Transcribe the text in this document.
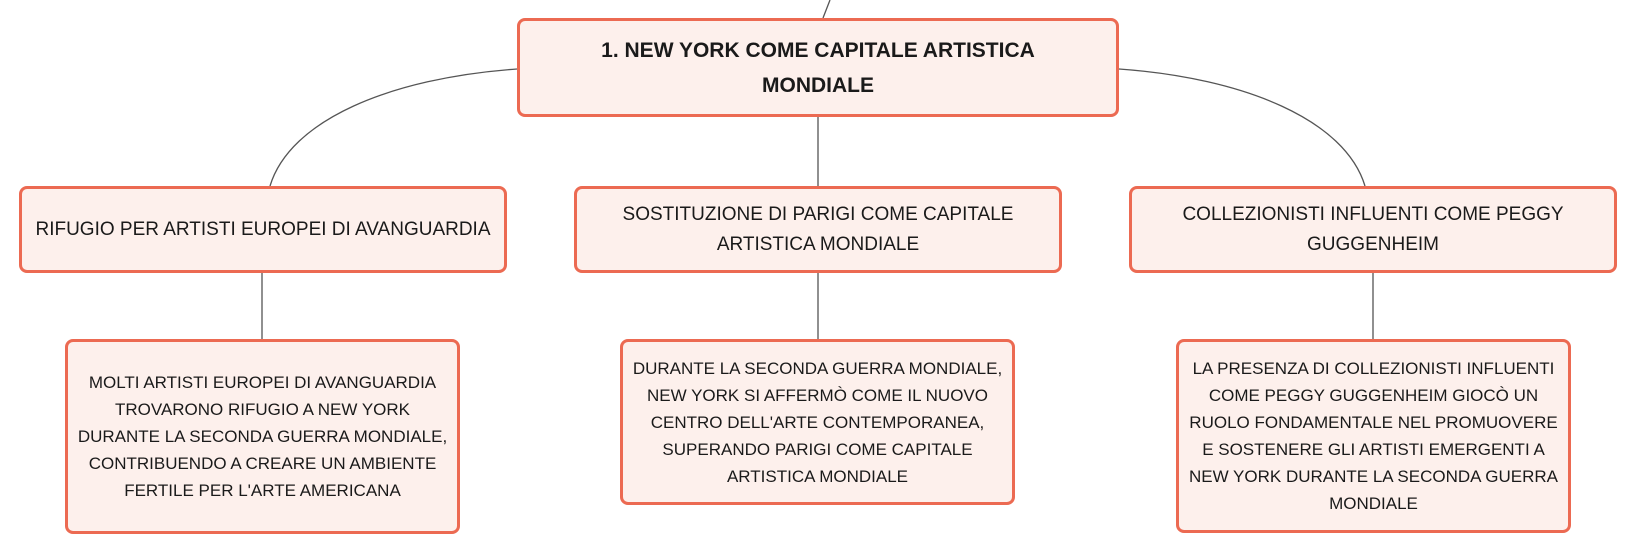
1. NEW YORK COME CAPITALE ARTISTICA MONDIALE
RIFUGIO PER ARTISTI EUROPEI DI AVANGUARDIA
SOSTITUZIONE DI PARIGI COME CAPITALE ARTISTICA MONDIALE
COLLEZIONISTI INFLUENTI COME PEGGY GUGGENHEIM
MOLTI ARTISTI EUROPEI DI AVANGUARDIA TROVARONO RIFUGIO A NEW YORK DURANTE LA SECONDA GUERRA MONDIALE, CONTRIBUENDO A CREARE UN AMBIENTE FERTILE PER L'ARTE AMERICANA
DURANTE LA SECONDA GUERRA MONDIALE, NEW YORK SI AFFERMÒ COME IL NUOVO CENTRO DELL'ARTE CONTEMPORANEA, SUPERANDO PARIGI COME CAPITALE ARTISTICA MONDIALE
LA PRESENZA DI COLLEZIONISTI INFLUENTI COME PEGGY GUGGENHEIM GIOCÒ UN RUOLO FONDAMENTALE NEL PROMUOVERE E SOSTENERE GLI ARTISTI EMERGENTI A NEW YORK DURANTE LA SECONDA GUERRA MONDIALE
